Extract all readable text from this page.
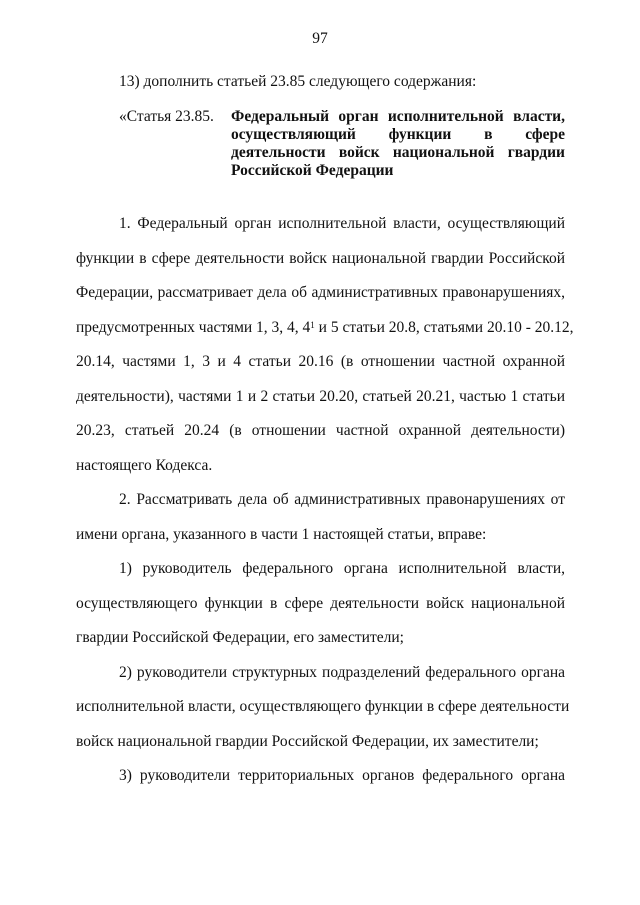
97
13) дополнить статьей 23.85 следующего содержания:
«Статья 23.85. Федеральный орган исполнительной власти,
осуществляющий функции в сфере
деятельности войск национальной гвардии
Российской Федерации
1. Федеральный орган исполнительной власти, осуществляющий
функции в сфере деятельности войск национальной гвардии Российской
Федерации, рассматривает дела об административных правонарушениях,
предусмотренных частями 1, 3, 4, $4^1$ и 5 статьи 20.8, статьями 20.10 - 20.12,
20.14, частями 1, 3 и 4 статьи 20.16 (в отношении частной охранной
деятельности), частями 1 и 2 статьи 20.20, статьей 20.21, частью 1 статьи
20.23, статьей 20.24 (в отношении частной охранной деятельности)
настоящего Кодекса.
2. Рассматривать дела об административных правонарушениях от
имени органа, указанного в части 1 настоящей статьи, вправе:
1) руководитель федерального органа исполнительной власти,
осуществляющего функции в сфере деятельности войск национальной
гвардии Российской Федерации, его заместители;
2) руководители структурных подразделений федерального органа
исполнительной власти, осуществляющего функции в сфере деятельности
войск национальной гвардии Российской Федерации, их заместители;
3) руководители территориальных органов федерального органа
